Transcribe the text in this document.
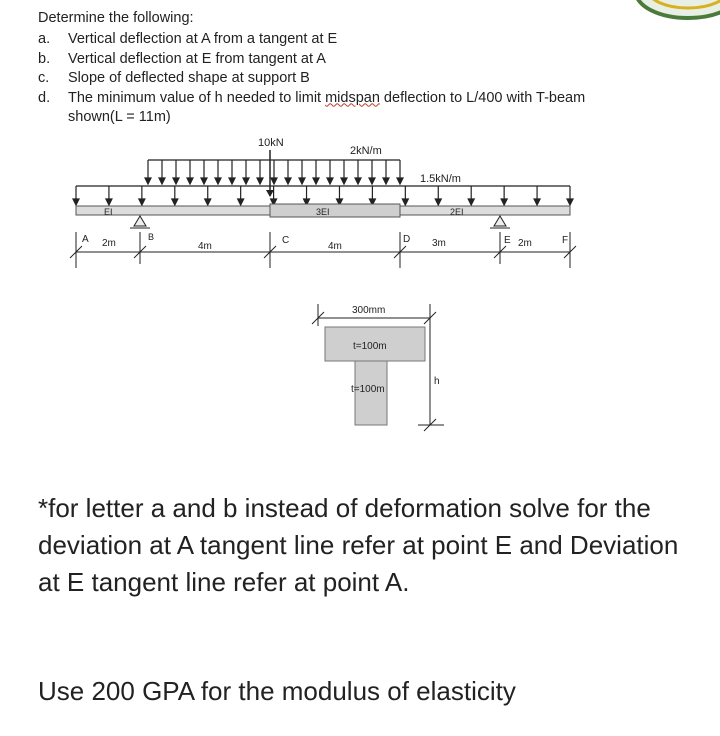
Determine the following:
a.	Vertical deflection at A from a tangent at E
b.	Vertical deflection at E from tangent at A
c.	Slope of deflected shape at support B
d.	The minimum value of h needed to limit midspan deflection to L/400 with T-beam
shown(L = 11m)
10kN
2kN/m
1.5kN/m
EI	3EI	2EI
A	B	C	D	E	F
2m	4m	4m	3m	2m
300mm
t=100m
t=100m
h
*for letter a and b instead of deformation solve for the deviation at A tangent line refer at point E and Deviation at E tangent line refer at point A.
Use 200 GPA for the modulus of elasticity
